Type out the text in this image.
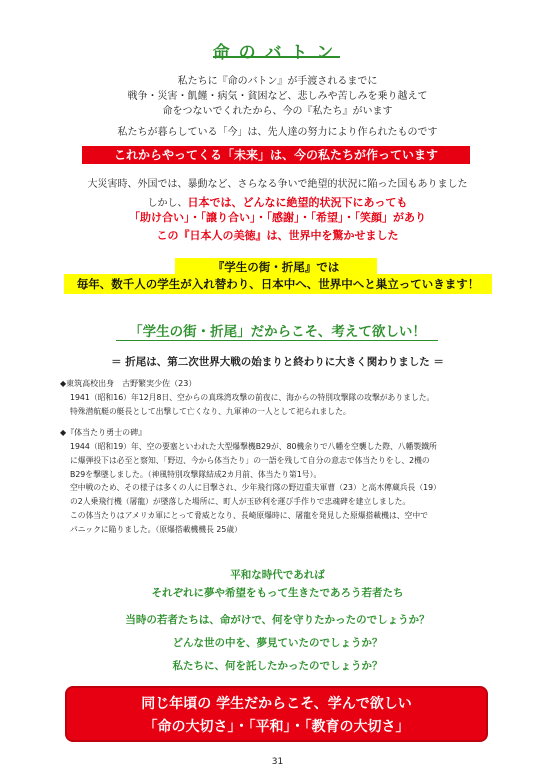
命のバトン
私たちに『命のバトン』が手渡されるまでに
戦争・災害・飢饉・病気・貧困など、悲しみや苦しみを乗り越えて
命をつないでくれたから、今の『私たち』がいます
私たちが暮らしている「今」は、先人達の努力により作られたものです
これからやってくる「未来」は、今の私たちが作っています
大災害時、外国では、暴動など、さらなる争いで絶望的状況に陥った国もありました
しかし、日本では、どんなに絶望的状況下にあっても
「助け合い」・「譲り合い」・「感謝」・「希望」・「笑顔」があり
この『日本人の美徳』は、世界中を驚かせました
『学生の街・折尾』では
毎年、数千人の学生が入れ替わり、日本中へ、世界中へと巣立っていきます！
「学生の街・折尾」だからこそ、考えて欲しい！
＝ 折尾は、第二次世界大戦の始まりと終わりに大きく関わりました ＝
◆東筑高校出身　古野繁実少佐（23）
1941（昭和16）年12月8日、空からの真珠湾攻撃の前夜に、海からの特別攻撃隊の攻撃がありました。
特殊潜航艇の艇長として出撃して亡くなり、九軍神の一人として祀られました。
◆『体当たり勇士の碑』
1944（昭和19）年、空の要塞といわれた大型爆撃機B29が、80機余りで八幡を空襲した際、八幡製鐵所
に爆弾投下は必至と察知、「野辺、今から体当たり」の一語を残して自分の意志で体当たりをし、2機の
B29を撃墜しました。（神風特別攻撃隊結成2カ月前、体当たり第1号）。
空中戦のため、その様子は多くの人に目撃され、少年飛行隊の野辺重夫軍曹（23）と高木傳蔵兵長（19）
の2人乗飛行機（屠龍）が墜落した場所に、町人が玉砂利を運び手作りで忠魂碑を建立しました。
この体当たりはアメリカ軍にとって脅威となり、長崎原爆時に、屠龍を発見した原爆搭載機は、空中で
パニックに陥りました。（原爆搭載機機長 25歳）
平和な時代であれば
それぞれに夢や希望をもって生きたであろう若者たち
当時の若者たちは、命がけで、何を守りたかったのでしょうか？
どんな世の中を、夢見ていたのでしょうか？
私たちに、何を託したかったのでしょうか？
同じ年頃の 学生だからこそ、学んで欲しい
「命の大切さ」・「平和」・「教育の大切さ」
31
